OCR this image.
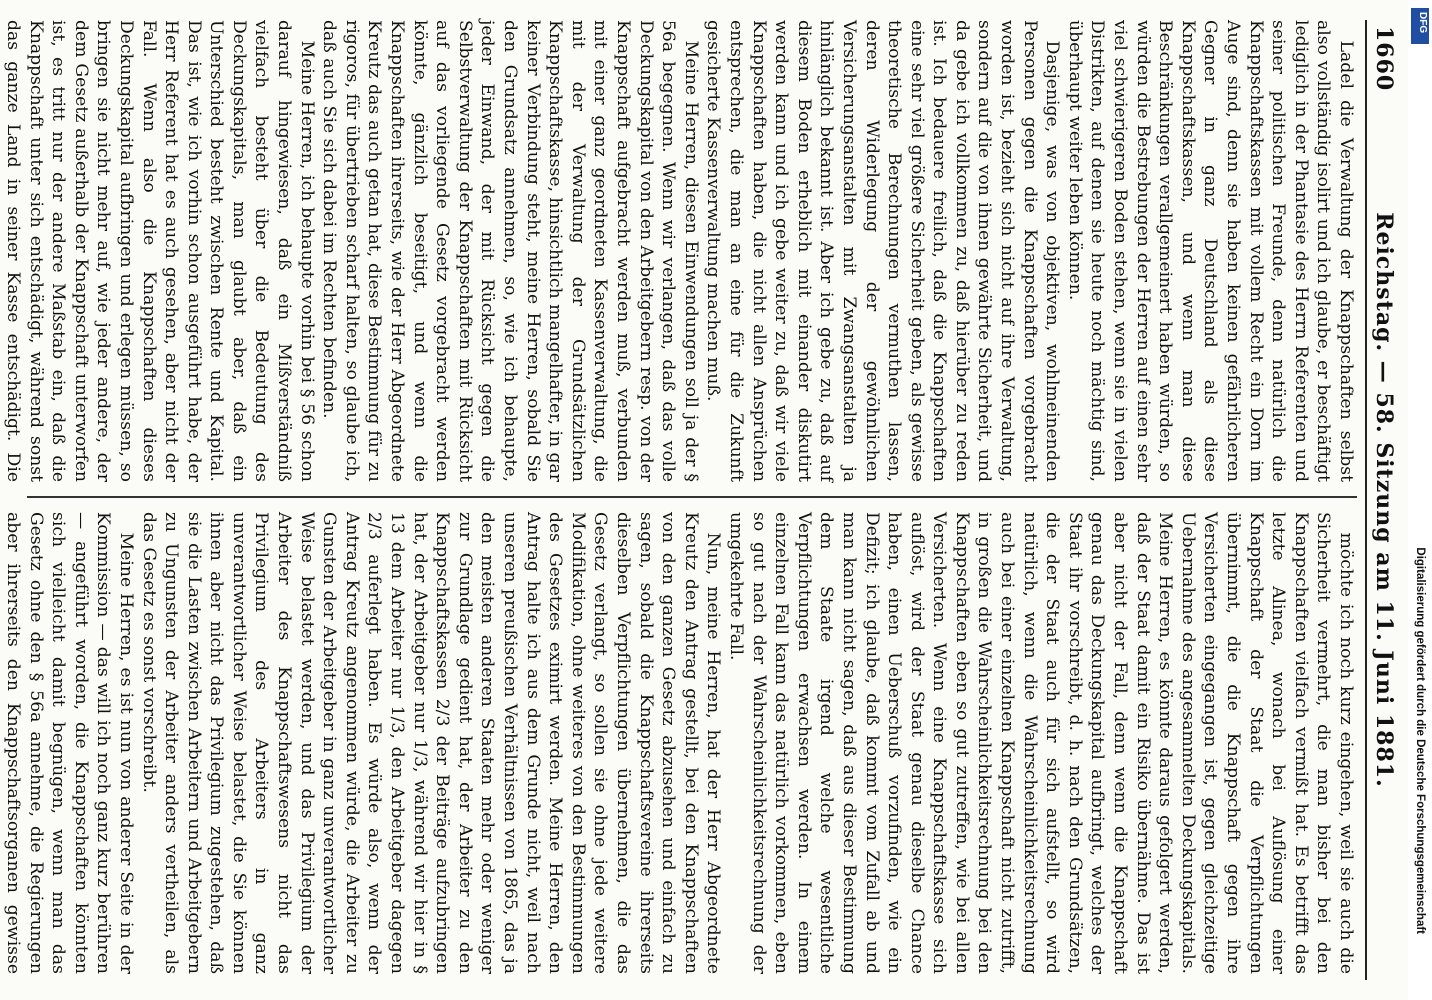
1660
Reichstag. — 58. Sitzung am 11. Juni 1881.

Ladel die Verwaltung der Knappschaften selbst also vollständig isolirt und ich glaube, er beschäftigt lediglich in der Phantasie des Herrn Referenten und seiner politischen Freunde, denn natürlich die Knappschaftskassen mit vollem Recht ein Dorn im Auge sind, denn sie haben keinen gefährlicheren Gegner in ganz Deutschland als diese Knappschaftskassen, und wenn man diese Beschränkungen verallgemeinert haben würden, so würden die Bestrebungen der Herren auf einen sehr viel schwierigeren Boden stehen, wenn sie in vielen Distrikten, auf denen sie heute noch mächtig sind, überhaupt weiter leben können.

Dasjenige, was von objektiven, wohlmeinenden Personen gegen die Knappschaften vorgebracht worden ist, bezieht sich nicht auf ihre Verwaltung, sondern auf die von ihnen gewährte Sicherheit, und da gebe ich vollkommen zu, daß hierüber zu reden ist. Ich bedauere freilich, daß die Knappschaften eine sehr viel größere Sicherheit geben, als gewisse theoretische Berechnungen vermuthen lassen, deren Widerlegung der gewöhnlichen Versicherungsanstalten mit Zwangsanstalten ja hinlänglich bekannt ist. Aber ich gebe zu, daß auf diesem Boden erheblich mit einander diskutirt werden kann und ich gebe weiter zu, daß wir viele Knappschaften haben, die nicht allen Ansprüchen entsprechen, die man an eine für die Zukunft gesicherte Kassenverwaltung machen muß.

Meine Herren, diesen Einwendungen soll ja der § 56a begegnen. Wenn wir verlangen, daß das volle Deckungskapital von den Arbeitgebern resp. von der Knappschaft aufgebracht werden muß, verbunden mit einer ganz geordneten Kassenverwaltung, die mit der Verwaltung der Grundsätzlichen Knappschaftskasse, hinsichtlich mangelhafter, in gar keiner Verbindung steht, meine Herren, sobald Sie den Grundsatz annehmen, so, wie ich behaupte, jeder Einwand, der mit Rücksicht gegen die Selbstverwaltung der Knappschaften mit Rücksicht auf das vorliegende Gesetz vorgebracht werden könnte, gänzlich beseitigt, und wenn die Knappschaften ihrerseits, wie der Herr Abgeordnete Kreutz das auch getan hat, diese Bestimmung für zu rigoros, für übertrieben scharf halten, so glaube ich, daß auch Sie sich dabei im Rechten befinden.

Meine Herren, ich behaupte vorhin bei § 56 schon darauf hingewiesen, daß ein Mißverständniß vielfach besteht über die Bedeutung des Deckungskapitals, man glaubt aber, daß ein Unterschied besteht zwischen Rente und Kapital. Das ist, wie ich vorhin schon ausgeführt habe, der Herr Referent hat es auch gesehen, aber nicht der Fall. Wenn also die Knappschaften dieses Deckungskapital aufbringen und erlegen müssen, so bringen sie nicht mehr auf, wie jeder andere, der dem Gesetz außerhalb der Knappschaft unterworfen ist, es tritt nur der andere Maßstab ein, daß die Knappschaft unter sich entschädigt, während sonst das ganze Land in seiner Kasse entschädigt. Die

möchte ich noch kurz eingehen, weil sie auch die Sicherheit vermehrt, die man bisher bei den Knappschaften vielfach vermißt hat. Es betrifft das letzte Alinea, wonach bei Auflösung einer Knappschaft der Staat die Verpflichtungen übernimmt, die die Knappschaft gegen ihre Versicherten eingegangen ist, gegen gleichzeitige Uebernahme des angesammelten Deckungskapitals. Meine Herren, es könnte daraus gefolgert werden, daß der Staat damit ein Risiko übernähme. Das ist aber nicht der Fall, denn wenn die Knappschaft genau das Deckungskapital aufbringt, welches der Staat ihr vorschreibt, d. h. nach den Grundsätzen, die der Staat auch für sich aufstellt, so wird natürlich, wenn die Wahrscheinlichkeitsrechnung auch bei einer einzelnen Knappschaft nicht zutrifft, in großen die Wahrscheinlichkeitsrechnung bei den Knappschaften eben so gut zutreffen, wie bei allen Versicherten. Wenn eine Knappschaftskasse sich auflöst, wird der Staat genau dieselbe Chance haben, einen Ueberschuß vorzufinden, wie ein Defizit; ich glaube, daß kommt vom Zufall ab und man kann nicht sagen, daß aus dieser Bestimmung dem Staate irgend welche wesentliche Verpflichtungen erwachsen werden. In einem einzelnen Fall kann das natürlich vorkommen, eben so gut nach der Wahrscheinlichkeitsrechnung der umgekehrte Fall.

Nun, meine Herren, hat der Herr Abgeordnete Kreutz den Antrag gestellt, bei den Knappschaften von den ganzen Gesetz abzusehen und einfach zu sagen, sobald die Knappschaftsvereine ihrerseits dieselben Verpflichtungen übernehmen, die das Gesetz verlangt, so sollen sie ohne jede weitere Modifikation, ohne weiteres von den Bestimmungen des Gesetzes eximirt werden. Meine Herren, den Antrag halte ich aus dem Grunde nicht, weil nach unseren preußischen Verhältnissen von 1865, das ja den meisten anderen Staaten mehr oder weniger zur Grundlage gedient hat, der Arbeiter zu den Knappschaftskassen 2/3 der Beiträge aufzubringen hat, der Arbeitgeber nur 1/3, während wir hier in § 13 dem Arbeiter nur 1/3, den Arbeitgeber dagegen 2/3 auferlegt haben. Es würde also, wenn der Antrag Kreutz angenommen würde, die Arbeiter zu Gunsten der Arbeitgeber in ganz unverantwortlicher Weise belastet werden, und das Privilegium der Arbeiter des Knappschaftswesens nicht das Privilegium des Arbeiters in ganz unverantwortlicher Weise belastet, die Sie können ihnen aber nicht das Privilegium zugestehen, daß sie die Lasten zwischen Arbeitern und Arbeitgebern zu Ungunsten der Arbeiter anders vertheilen, als das Gesetz es sonst vorschreibt.

Meine Herren, es ist nun von anderer Seite in der Kommission — das will ich noch ganz kurz berühren — angeführt worden, die Knappschaften könnten sich vielleicht damit begnügen, wenn man das Gesetz ohne den § 56a annehme, die Regierungen aber ihrerseits den Knappschaftsorganen gewisse

Digitalisierung gefördert durch die Deutsche Forschungsgemeinschaft
DFG
